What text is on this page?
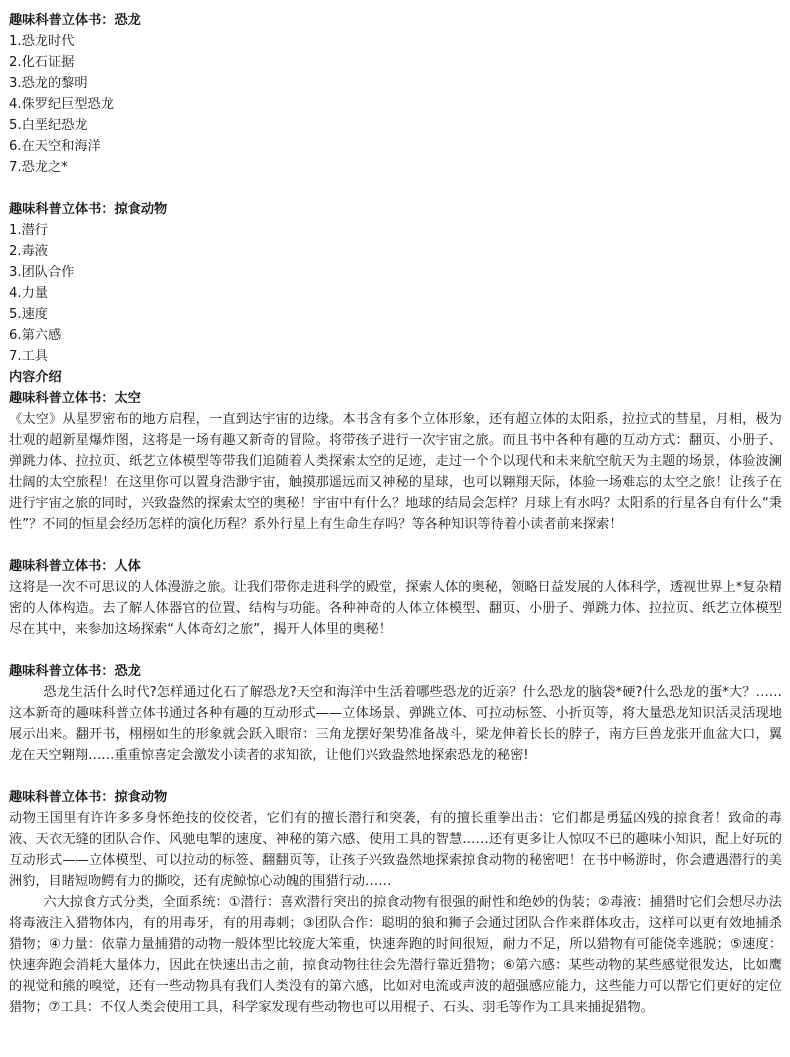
趣味科普立体书：恐龙
1.恐龙时代
2.化石证据
3.恐龙的黎明
4.侏罗纪巨型恐龙
5.白垩纪恐龙
6.在天空和海洋
7.恐龙之*
趣味科普立体书：掠食动物
1.潜行
2.毒液
3.团队合作
4.力量
5.速度
6.第六感
7.工具
内容介绍
趣味科普立体书：太空

《太空》从星罗密布的地方启程，一直到达宇宙的边缘。本书含有多个立体形象，还有超立体的太阳系，拉拉式的彗星，月相，极为壮观的超新星爆炸图，这将是一场有趣又新奇的冒险。将带孩子进行一次宇宙之旅。而且书中各种有趣的互动方式：翻页、小册子、弹跳力体、拉拉页、纸艺立体模型等带我们追随着人类探索太空的足迹，走过一个个以现代和未来航空航天为主题的场景，体验波澜壮阔的太空旅程！在这里你可以置身浩渺宇宙，触摸那遥远而又神秘的星球，也可以翱翔天际，体验一场难忘的太空之旅！让孩子在进行宇宙之旅的同时，兴致盎然的探索太空的奥秘！宇宙中有什么？地球的结局会怎样？月球上有水吗？太阳系的行星各自有什么“秉性”？不同的恒星会经历怎样的演化历程？系外行星上有生命生存吗？等各种知识等待着小读者前来探索！

趣味科普立体书：人体

这将是一次不可思议的人体漫游之旅。让我们带你走进科学的殿堂，探索人体的奥秘，领略日益发展的人体科学，透视世界上*复杂精密的人体构造。去了解人体器官的位置、结构与功能。各种神奇的人体立体模型、翻页、小册子、弹跳力体、拉拉页、纸艺立体模型尽在其中，来参加这场探索“人体奇幻之旅”，揭开人体里的奥秘！

趣味科普立体书：恐龙

恐龙生活什么时代?怎样通过化石了解恐龙?天空和海洋中生活着哪些恐龙的近亲？什么恐龙的脑袋*硬?什么恐龙的蛋*大？……这本新奇的趣味科普立体书通过各种有趣的互动形式——立体场景、弹跳立体、可拉动标签、小折页等，将大量恐龙知识活灵活现地展示出来。翻开书，栩栩如生的形象就会跃入眼帘：三角龙摆好架势准备战斗，梁龙伸着长长的脖子，南方巨兽龙张开血盆大口，翼龙在天空翱翔……重重惊喜定会激发小读者的求知欲，让他们兴致盎然地探索恐龙的秘密!

趣味科普立体书：掠食动物

动物王国里有许许多多身怀绝技的佼佼者，它们有的擅长潜行和突袭，有的擅长重拳出击：它们都是勇猛凶残的掠食者！致命的毒液、天衣无缝的团队合作、风驰电掣的速度、神秘的第六感、使用工具的智慧……还有更多让人惊叹不已的趣味小知识，配上好玩的互动形式——立体模型、可以拉动的标签、翻翻页等，让孩子兴致盎然地探索掠食动物的秘密吧！在书中畅游时，你会遭遇潜行的美洲豹，目睹短吻鳄有力的撕咬，还有虎鲸惊心动魄的围猎行动……

六大掠食方式分类，全面系统：①潜行：喜欢潜行突出的掠食动物有很强的耐性和绝妙的伪装；②毒液：捕猎时它们会想尽办法将毒液注入猎物体内，有的用毒牙，有的用毒刺；③团队合作：聪明的狼和狮子会通过团队合作来群体攻击，这样可以更有效地捕杀猎物；④力量：依靠力量捕猎的动物一般体型比较庞大笨重，快速奔跑的时间很短，耐力不足，所以猎物有可能侥幸逃脱；⑤速度：快速奔跑会消耗大量体力，因此在快速出击之前，掠食动物往往会先潜行靠近猎物；⑥第六感：某些动物的某些感觉很发达，比如鹰的视觉和熊的嗅觉，还有一些动物具有我们人类没有的第六感，比如对电流或声波的超强感应能力，这些能力可以帮它们更好的定位猎物；⑦工具：不仅人类会使用工具，科学家发现有些动物也可以用棍子、石头、羽毛等作为工具来捕捉猎物。
